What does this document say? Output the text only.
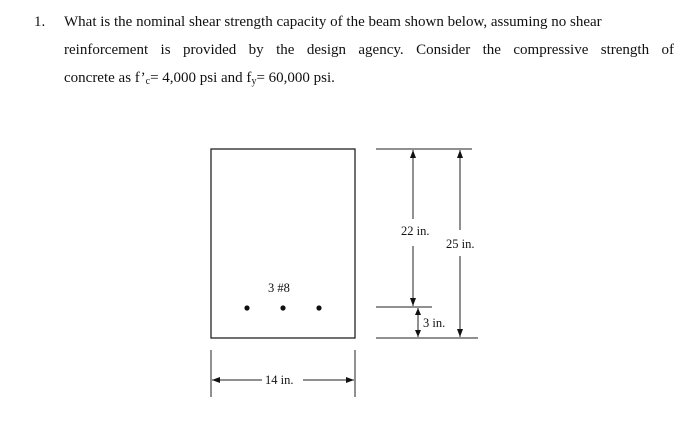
1. What is the nominal shear strength capacity of the beam shown below, assuming no shear
reinforcement is provided by the design agency. Consider the compressive strength of
concrete as $f’_c= 4,000$ psi and $f_y= 60,000$ psi.
3 #8
14 in.
22 in.
25 in.
3 in.
